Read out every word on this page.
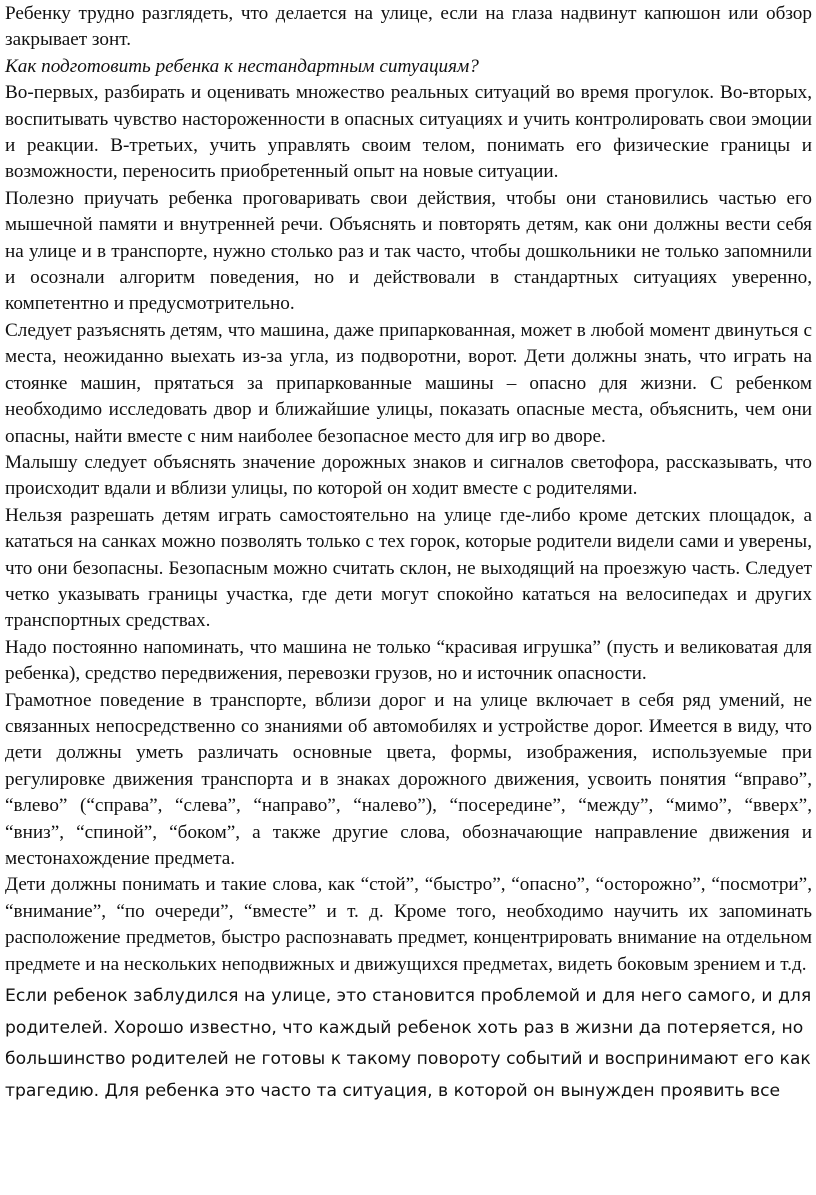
Ребенку трудно разглядеть, что делается на улице, если на глаза надвинут капюшон или обзор закрывает зонт.

Как подготовить ребенка к нестандартным ситуациям?

Во-первых, разбирать и оценивать множество реальных ситуаций во время прогулок. Во-вторых, воспитывать чувство настороженности в опасных ситуациях и учить контролировать свои эмоции и реакции. В-третьих, учить управлять своим телом, понимать его физические границы и возможности, переносить приобретенный опыт на новые ситуации.

Полезно приучать ребенка проговаривать свои действия, чтобы они становились частью его мышечной памяти и внутренней речи. Объяснять и повторять детям, как они должны вести себя на улице и в транспорте, нужно столько раз и так часто, чтобы дошкольники не только запомнили и осознали алгоритм поведения, но и действовали в стандартных ситуациях уверенно, компетентно и предусмотрительно.

Следует разъяснять детям, что машина, даже припаркованная, может в любой момент двинуться с места, неожиданно выехать из-за угла, из подворотни, ворот. Дети должны знать, что играть на стоянке машин, прятаться за припаркованные машины – опасно для жизни. С ребенком необходимо исследовать двор и ближайшие улицы, показать опасные места, объяснить, чем они опасны, найти вместе с ним наиболее безопасное место для игр во дворе.

Малышу следует объяснять значение дорожных знаков и сигналов светофора, рассказывать, что происходит вдали и вблизи улицы, по которой он ходит вместе с родителями.

Нельзя разрешать детям играть самостоятельно на улице где-либо кроме детских площадок, а кататься на санках можно позволять только с тех горок, которые родители видели сами и уверены, что они безопасны. Безопасным можно считать склон, не выходящий на проезжую часть. Следует четко указывать границы участка, где дети могут спокойно кататься на велосипедах и других транспортных средствах.

Надо постоянно напоминать, что машина не только “красивая игрушка” (пусть и великоватая для ребенка), средство передвижения, перевозки грузов, но и источник опасности.

Грамотное поведение в транспорте, вблизи дорог и на улице включает в себя ряд умений, не связанных непосредственно со знаниями об автомобилях и устройстве дорог. Имеется в виду, что дети должны уметь различать основные цвета, формы, изображения, используемые при регулировке движения транспорта и в знаках дорожного движения, усвоить понятия “вправо”, “влево” (“справа”, “слева”, “направо”, “налево”), “посередине”, “между”, “мимо”, “вверх”, “вниз”, “спиной”, “боком”, а также другие слова, обозначающие направление движения и местонахождение предмета.

Дети должны понимать и такие слова, как “стой”, “быстро”, “опасно”, “осторожно”, “посмотри”, “внимание”, “по очереди”, “вместе” и т. д. Кроме того, необходимо научить их запоминать расположение предметов, быстро распознавать предмет, концентрировать внимание на отдельном предмете и на нескольких неподвижных и движущихся предметах, видеть боковым зрением и т.д.

Если ребенок заблудился на улице, это становится проблемой и для него самого, и для родителей. Хорошо известно, что каждый ребенок хоть раз в жизни да потеряется, но большинство родителей не готовы к такому повороту событий и воспринимают его как трагедию. Для ребенка это часто та ситуация, в которой он вынужден проявить все
